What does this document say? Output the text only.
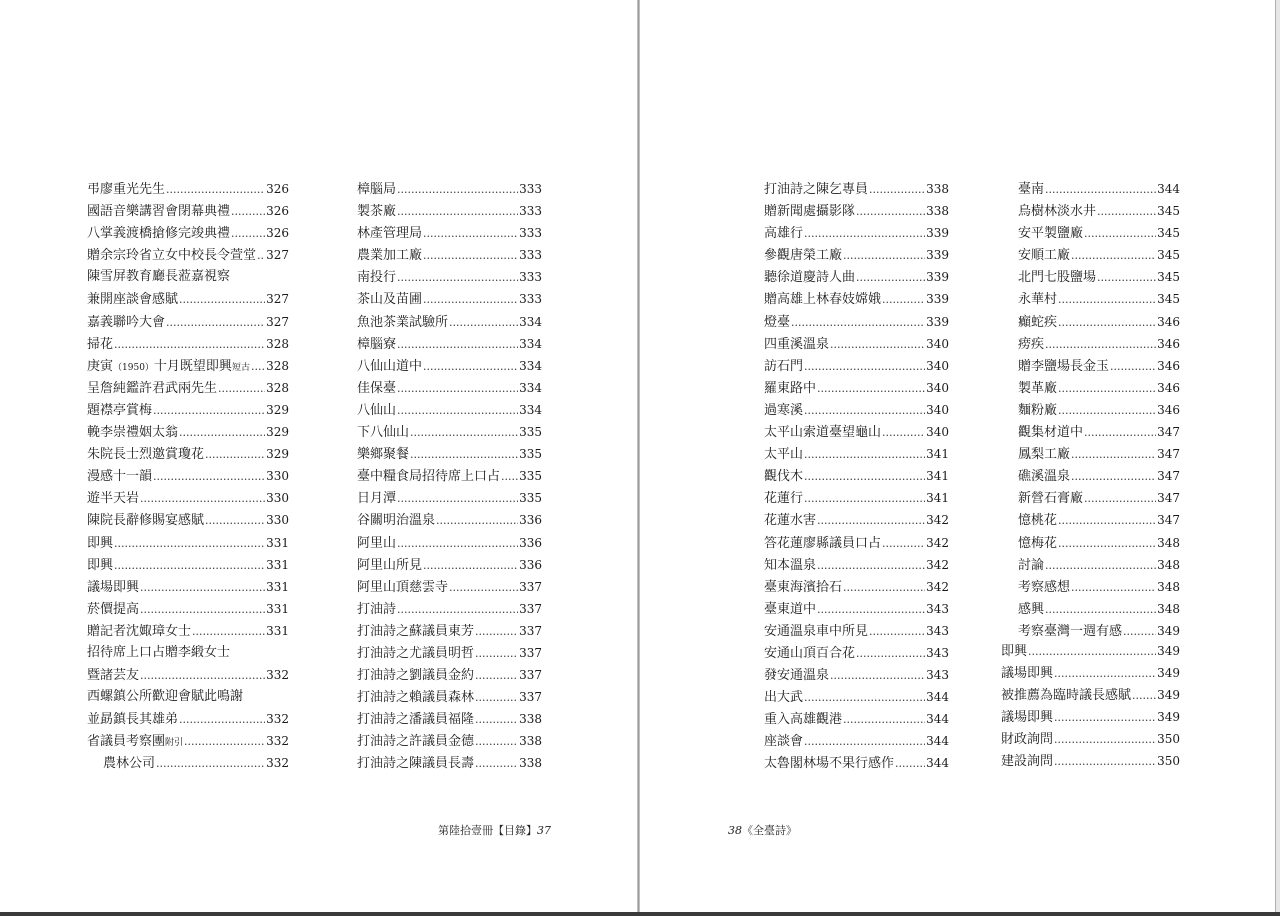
弔廖重光先生 .....	326
國語音樂講習會閉幕典禮 .....	326
八掌義渡橋搶修完竣典禮 .....	326
贈余宗玲省立女中校長令萱堂 ..... 327
陳雪屏教育廳長蒞嘉視察
兼開座談會感賦 .....	327
嘉義聯吟大會 .....	327
掃花 .....	328
庚寅（1950）十月既望即興短古 ..... 328
呈詹純鑑許君武兩先生 .....	328
題襟亭賞梅 .....	329
輓李崇禮姻太翁 .....	329
朱院長士烈邀賞瓊花 .....	329
漫感十一韻 .....	330
遊半天岩 .....	330
陳院長辭修賜宴感賦 .....	330
即興 .....	331
即興 .....	331
議場即興 .....	331
菸價提高 .....	331
贈記者沈娵璋女士 .....	331
招待席上口占贈李緞女士
暨諸芸友 .....	332
西螺鎮公所歡迎會賦此鳴謝
並勗鎮長其雄弟 .....	332
省議員考察團附引 .....	332
農林公司 .....	332
樟腦局 .....	333
製茶廠 .....	333
林產管理局 .....	333
農業加工廠 .....	333
南投行 .....	333
茶山及苗圃 .....	333
魚池茶業試驗所 .....	334
樟腦寮 .....	334
八仙山道中 .....	334
佳保臺 .....	334
八仙山 .....	334
下八仙山 .....	335
樂鄉聚餐 .....	335
臺中糧食局招待席上口占 ..... 335
日月潭 .....	335
谷關明治溫泉 .....	336
阿里山 .....	336
阿里山所見 .....	336
阿里山頂慈雲寺 .....	337
打油詩 .....	337
打油詩之蘇議員東芳 .....	337
打油詩之尤議員明哲 .....	337
打油詩之劉議員金約 .....	337
打油詩之賴議員森林 .....	337
打油詩之潘議員福隆 .....	338
打油詩之許議員金德 .....	338
打油詩之陳議員長壽 .....	338
第陸拾壹冊【目錄】37
打油詩之陳乞專員 .....	338
贈新聞處攝影隊 .....	338
高雄行 .....	339
參觀唐榮工廠 .....	339
聽徐道慶詩人曲 .....	339
贈高雄上林春妓嫦娥 .....	339
燈臺 .....	339
四重溪溫泉 .....	340
訪石門 .....	340
羅東路中 .....	340
過寒溪 .....	340
太平山索道臺望龜山 .....	340
太平山 .....	341
觀伐木 .....	341
花蓮行 .....	341
花蓮水害 .....	342
答花蓮廖縣議員口占 .....	342
知本溫泉 .....	342
臺東海濱拾石 .....	342
臺東道中 .....	343
安通溫泉車中所見 .....	343
安通山頂百合花 .....	343
發安通溫泉 .....	343
出大武 .....	344
重入高雄觀港 .....	344
座談會 .....	344
太魯閣林場不果行感作 .....	344
臺南 .....	344
烏樹林淡水井 .....	345
安平製鹽廠 .....	345
安順工廠 .....	345
北門七股鹽場 .....	345
永華村 .....	345
癲蛇疾 .....	346
痨疾 .....	346
贈李鹽場長金玉 .....	346
製革廠 .....	346
麵粉廠 .....	346
觀集材道中 .....	347
鳳梨工廠 .....	347
礁溪溫泉 .....	347
新營石膏廠 .....	347
憶桃花 .....	347
憶梅花 .....	348
討論 .....	348
考察感想 .....	348
感興 .....	348
考察臺灣一週有感 .....	349
即興 .....	349
議場即興 .....	349
被推薦為臨時議長感賦 ..... 349
議場即興 .....	349
財政詢問 .....	350
建設詢問 .....	350
38《全臺詩》
